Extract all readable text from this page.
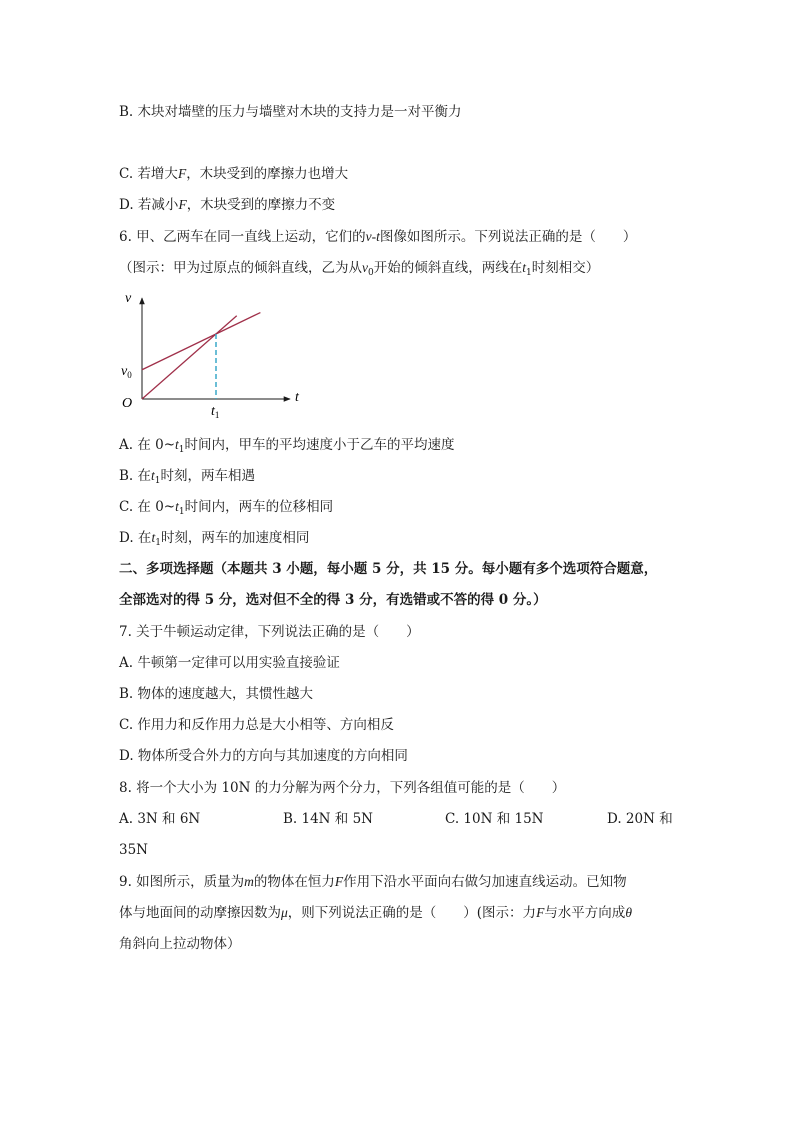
B. 木块对墙壁的压力与墙壁对木块的支持力是一对平衡力
C. 若增大F，木块受到的摩擦力也增大
D. 若减小F，木块受到的摩擦力不变
6. 甲、乙两车在同一直线上运动，它们的v-t图像如图所示。下列说法正确的是（　　）
（图示：甲为过原点的倾斜直线，乙为从$v_0$开始的倾斜直线，两线在$t_1$时刻相交）
v
t
O
$v_0$
$t_1$
A. 在 $0\sim t_1$时间内，甲车的平均速度小于乙车的平均速度
B. 在$t_1$时刻，两车相遇
C. 在 $0\sim t_1$时间内，两车的位移相同
D. 在$t_1$时刻，两车的加速度相同
二、多项选择题（本题共 3 小题，每小题 5 分，共 15 分。每小题有多个选项符合题意，
全部选对的得 5 分，选对但不全的得 3 分，有选错或不答的得 0 分。）
7. 关于牛顿运动定律，下列说法正确的是（　　）
A. 牛顿第一定律可以用实验直接验证
B. 物体的速度越大，其惯性越大
C. 作用力和反作用力总是大小相等、方向相反
D. 物体所受合外力的方向与其加速度的方向相同
8. 将一个大小为 10N 的力分解为两个分力，下列各组值可能的是（　　）
A. 3N 和 6N	B. 14N 和 5N	C. 10N 和 15N	D. 20N 和
35N
9. 如图所示，质量为m的物体在恒力F作用下沿水平面向右做匀加速直线运动。已知物
体与地面间的动摩擦因数为μ，则下列说法正确的是（　　）(图示：力F与水平方向成θ
角斜向上拉动物体）
